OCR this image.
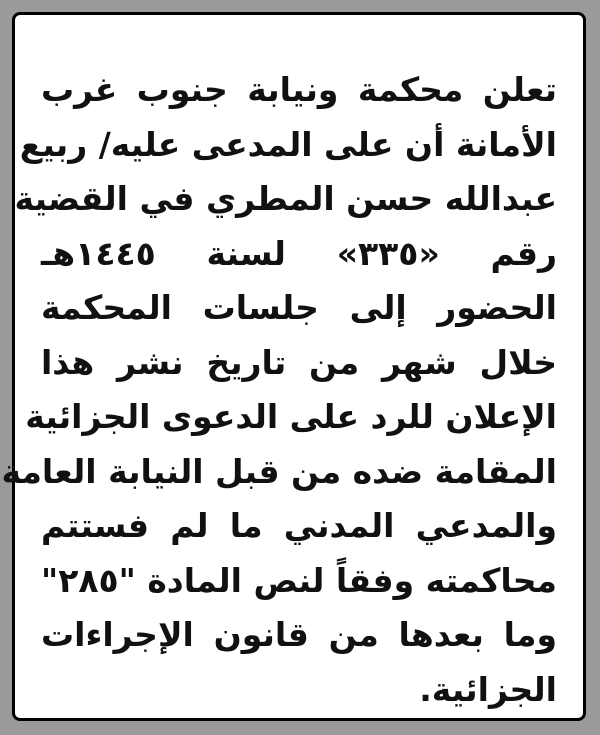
تعلن محكمة ونيابة جنوب غرب
الأمانة أن على المدعى عليه/ ربيع
عبدالله حسن المطري في القضية
رقم «٣٣٥» لسنة ١٤٤٥هـ
الحضور إلى جلسات المحكمة
خلال شهر من تاريخ نشر هذا
الإعلان للرد على الدعوى الجزائية
المقامة ضده من قبل النيابة العامة
والمدعي المدني ما لم فستتم
محاكمته وفقاً لنص المادة "٢٨٥"
وما بعدها من قانون الإجراءات
الجزائية.
